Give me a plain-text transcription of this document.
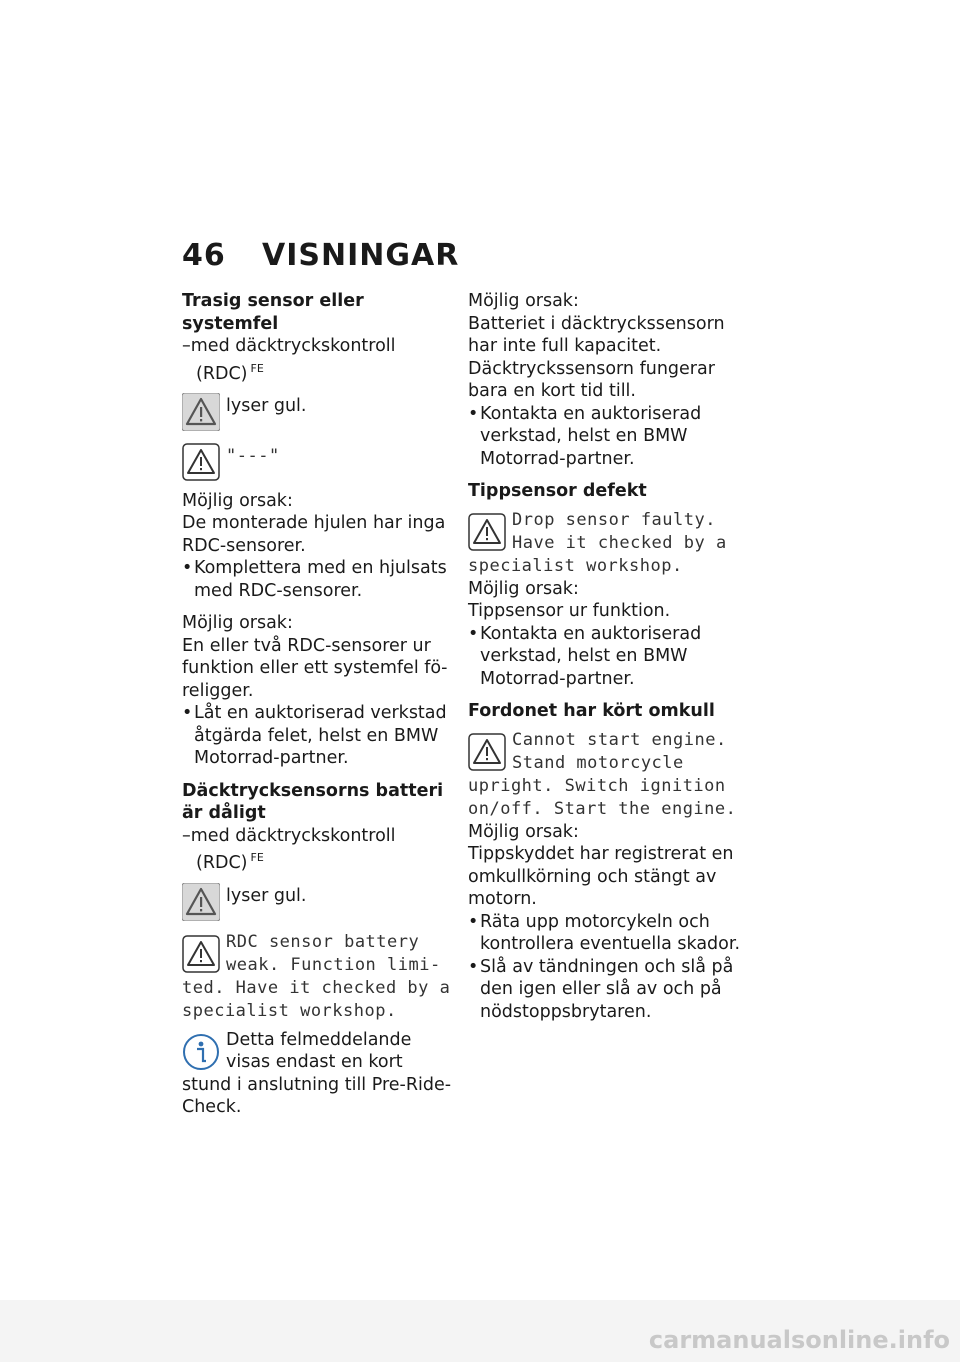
46 VISNINGAR
Trasig sensor eller systemfel

–med däcktryckskontroll (RDC) $^{FE}$

lyser gul.
"---"

Möjlig orsak:

De monterade hjulen har inga RDC-sensorer.

•Komplettera med en hjulsats med RDC-sensorer.

Möjlig orsak:

En eller två RDC-sensorer ur funktion eller ett systemfel föreligger.

•Låt en auktoriserad verkstad åtgärda felet, helst en BMW Motorrad-partner.

Däcktrycksensorns batteri är dåligt

–med däcktryckskontroll (RDC) $^{FE}$

lyser gul.
RDC sensor battery weak. Function limited. Have it checked by a specialist workshop.
Detta felmeddelande visas endast en kort stund i anslutning till Pre-Ride-Check.

Möjlig orsak:

Batteriet i däcktryckssensorn har inte full kapacitet. Däcktryckssensorn fungerar bara en kort tid till.

•Kontakta en auktoriserad verkstad, helst en BMW Motorrad-partner.

Tippsensor defekt
Drop sensor faulty. Have it checked by a specialist workshop.

Möjlig orsak:

Tippsensor ur funktion.

•Kontakta en auktoriserad verkstad, helst en BMW Motorrad-partner.

Fordonet har kört omkull
Cannot start engine. Stand motorcycle upright. Switch ignition on/off. Start the engine.

Möjlig orsak:

Tippskyddet har registrerat en omkullkörning och stängt av motorn.

•Räta upp motorcykeln och kontrollera eventuella skador.

•Slå av tändningen och slå på den igen eller slå av och på nödstoppsbrytaren.

carmanualsonline.info
